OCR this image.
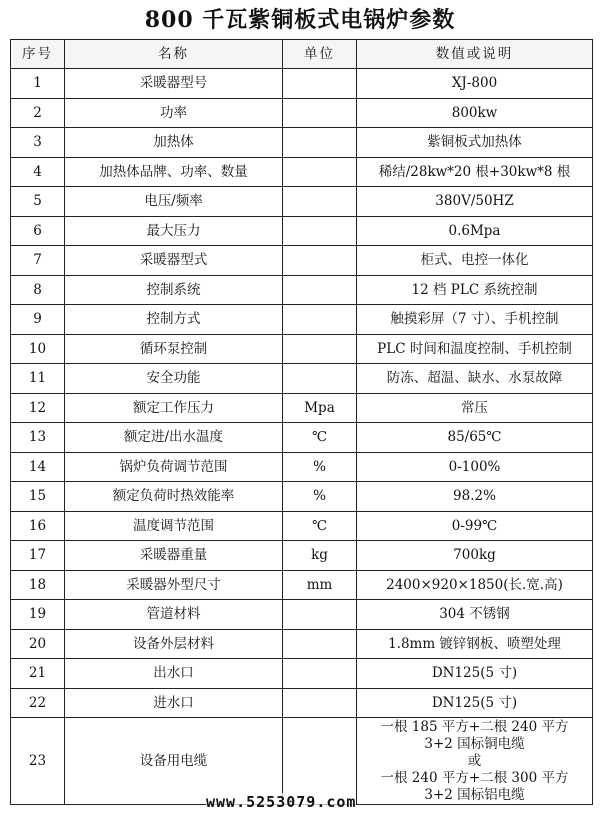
800 千瓦紫铜板式电锅炉参数
序号	名称	单位	数值或说明
1	采暖器型号		XJ-800
2	功率		800kw
3	加热体		紫铜板式加热体
4	加热体品牌、功率、数量		稀结/28kw*20 根+30kw*8 根
5	电压/频率		380V/50HZ
6	最大压力		0.6Mpa
7	采暖器型式		柜式、电控一体化
8	控制系统		12 档 PLC 系统控制
9	控制方式		触摸彩屏（7 寸）、手机控制
10	循环泵控制		PLC 时间和温度控制、手机控制
11	安全功能		防冻、超温、缺水、水泵故障
12	额定工作压力	Mpa	常压
13	额定进/出水温度	℃	85/65℃
14	锅炉负荷调节范围	%	0-100%
15	额定负荷时热效能率	%	98.2%
16	温度调节范围	℃	0-99℃
17	采暖器重量	kg	700kg
18	采暖器外型尺寸	mm	2400×920×1850(长.宽.高)
19	管道材料		304 不锈钢
20	设备外层材料		1.8mm 镀锌钢板、喷塑处理
21	出水口		DN125(5 寸)
22	进水口		DN125(5 寸)
23	设备用电缆		一根 185 平方+二根 240 平方
3+2 国标铜电缆
或
一根 240 平方+二根 300 平方
3+2 国标铝电缆
www.5253079.com
